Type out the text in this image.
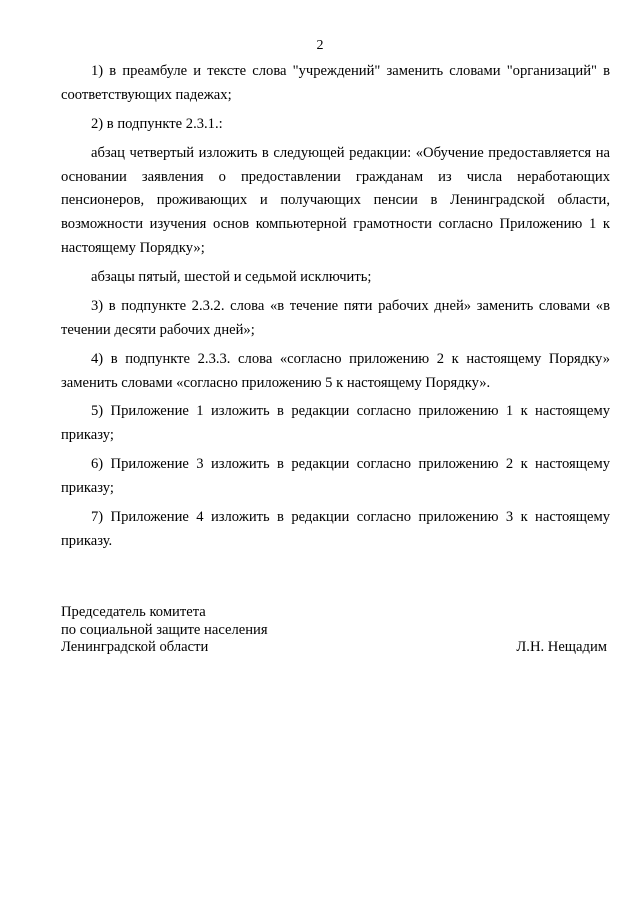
2

1) в преамбуле и тексте слова "учреждений" заменить словами "организаций" в соответствующих падежах;

2) в подпункте 2.3.1.:

абзац четвертый изложить в следующей редакции: «Обучение предоставляется на основании заявления о предоставлении гражданам из числа неработающих пенсионеров, проживающих и получающих пенсии в Ленинградской области, возможности изучения основ компьютерной грамотности согласно Приложению 1 к настоящему Порядку»;

абзацы пятый, шестой и седьмой исключить;

3) в подпункте 2.3.2. слова «в течение пяти рабочих дней» заменить словами «в течении десяти рабочих дней»;

4) в подпункте 2.3.3. слова «согласно приложению 2 к настоящему Порядку» заменить словами «согласно приложению 5 к настоящему Порядку».

5) Приложение 1 изложить в редакции согласно приложению 1 к настоящему приказу;

6) Приложение 3 изложить в редакции согласно приложению 2 к настоящему приказу;

7) Приложение 4 изложить в редакции согласно приложению 3 к настоящему приказу.

Председатель комитета
по социальной защите населения
Ленинградской области	Л.Н. Нещадим
